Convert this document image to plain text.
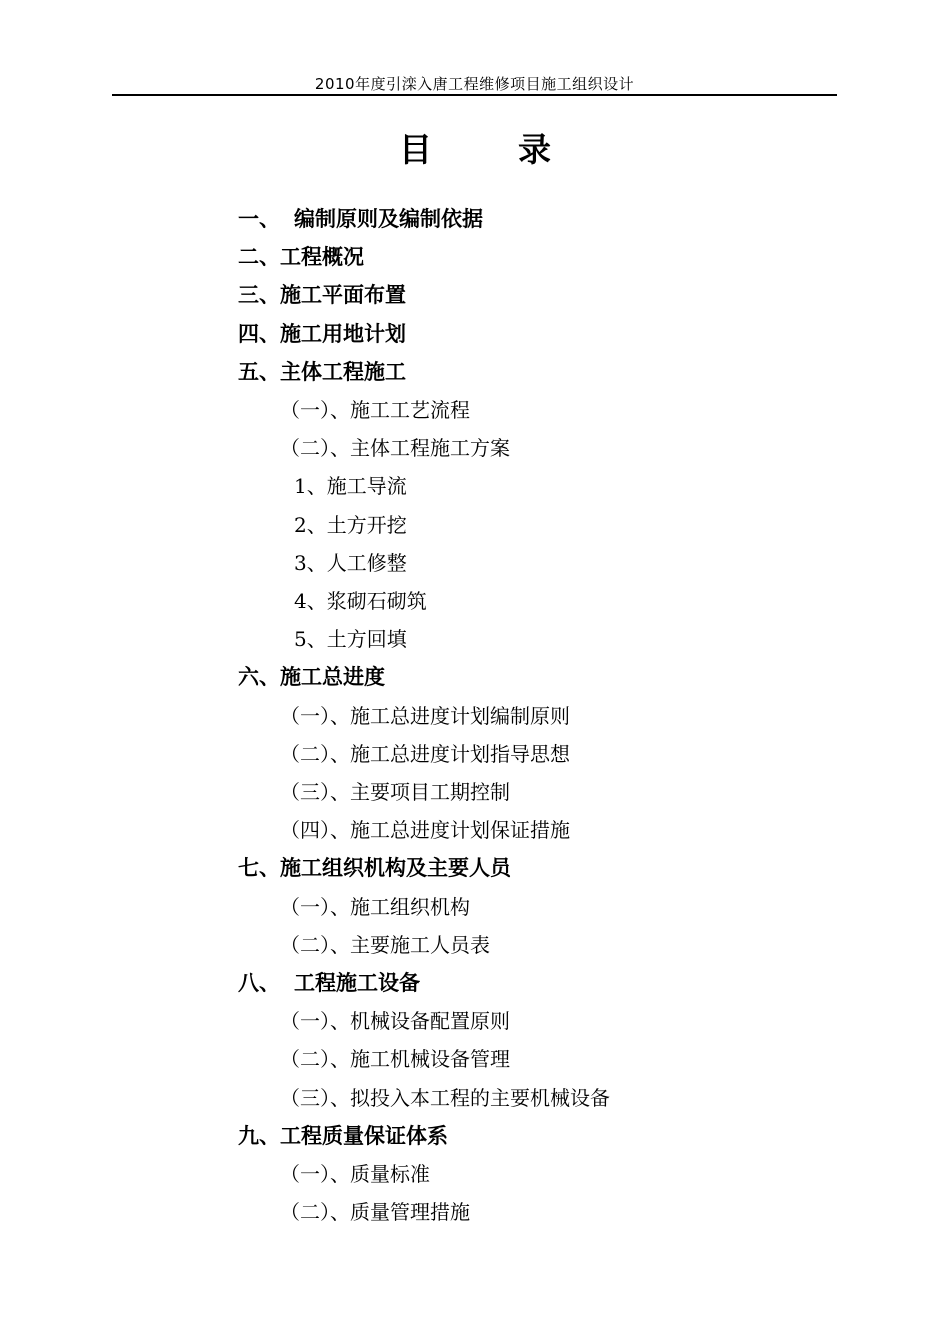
2010年度引滦入唐工程维修项目施工组织设计
目	录
一、 编制原则及编制依据
二、工程概况
三、施工平面布置
四、施工用地计划
五、主体工程施工
（一）、施工工艺流程
（二）、主体工程施工方案
1、施工导流
2、土方开挖
3、人工修整
4、浆砌石砌筑
5、土方回填
六、施工总进度
（一）、施工总进度计划编制原则
（二）、施工总进度计划指导思想
（三）、主要项目工期控制
（四）、施工总进度计划保证措施
七、施工组织机构及主要人员
（一）、施工组织机构
（二）、主要施工人员表
八、 工程施工设备
（一）、机械设备配置原则
（二）、施工机械设备管理
（三）、拟投入本工程的主要机械设备
九、工程质量保证体系
（一）、质量标准
（二）、质量管理措施
